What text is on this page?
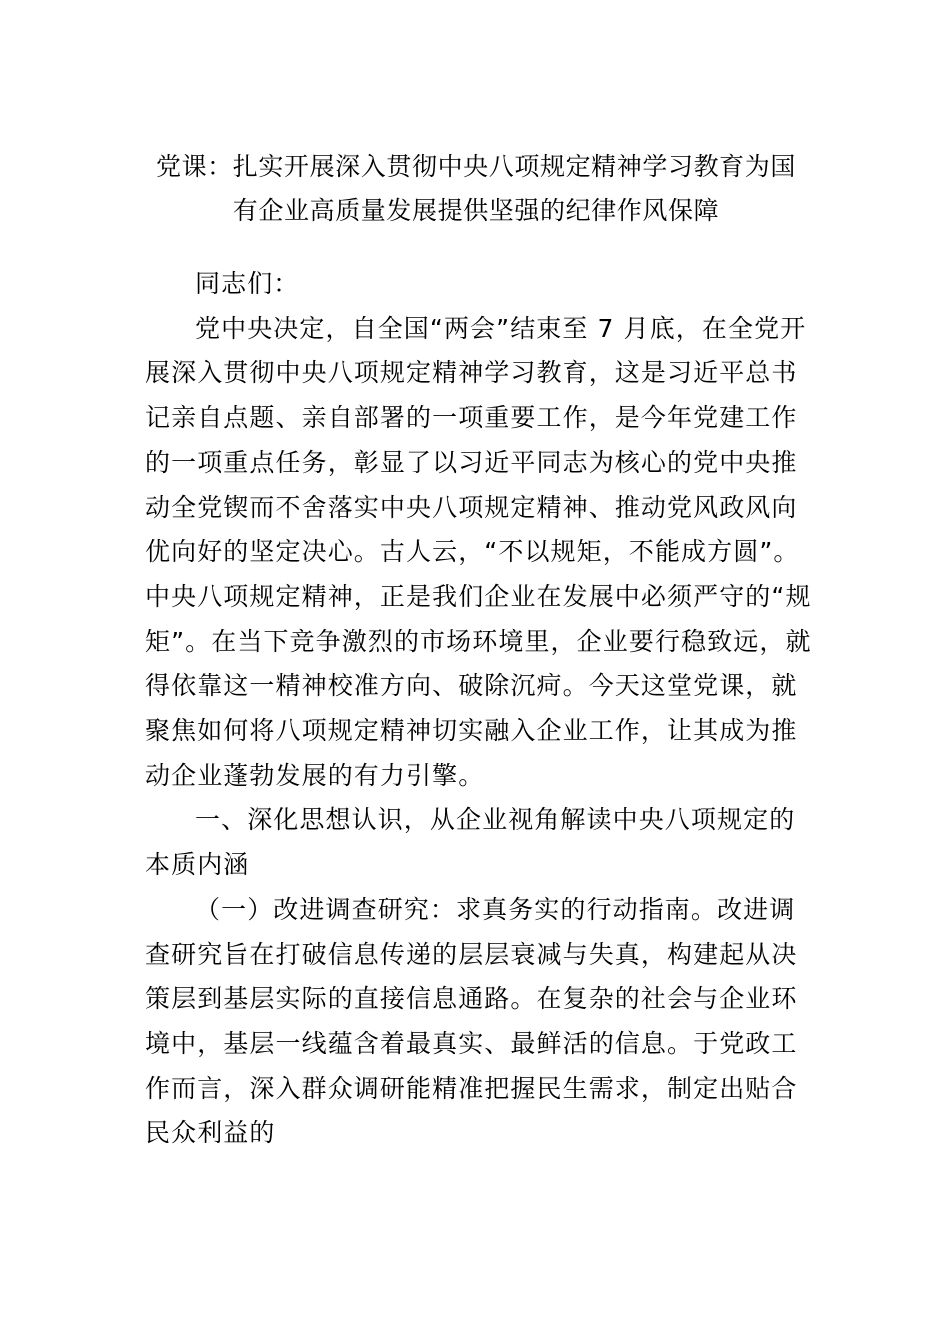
党课：扎实开展深入贯彻中央八项规定精神学习教育为国
有企业高质量发展提供坚强的纪律作风保障

同志们：

党中央决定，自全国“两会”结束至 7 月底，在全党开
展深入贯彻中央八项规定精神学习教育，这是习近平总书
记亲自点题、亲自部署的一项重要工作，是今年党建工作
的一项重点任务，彰显了以习近平同志为核心的党中央推
动全党锲而不舍落实中央八项规定精神、推动党风政风向
优向好的坚定决心。古人云，“不以规矩，不能成方圆”。
中央八项规定精神，正是我们企业在发展中必须严守的“规
矩”。在当下竞争激烈的市场环境里，企业要行稳致远，就
得依靠这一精神校准方向、破除沉疴。今天这堂党课，就
聚焦如何将八项规定精神切实融入企业工作，让其成为推
动企业蓬勃发展的有力引擎。

一、深化思想认识，从企业视角解读中央八项规定的
本质内涵

（一）改进调查研究：求真务实的行动指南。改进调
查研究旨在打破信息传递的层层衰减与失真，构建起从决
策层到基层实际的直接信息通路。在复杂的社会与企业环
境中，基层一线蕴含着最真实、最鲜活的信息。于党政工
作而言，深入群众调研能精准把握民生需求，制定出贴合
民众利益的
